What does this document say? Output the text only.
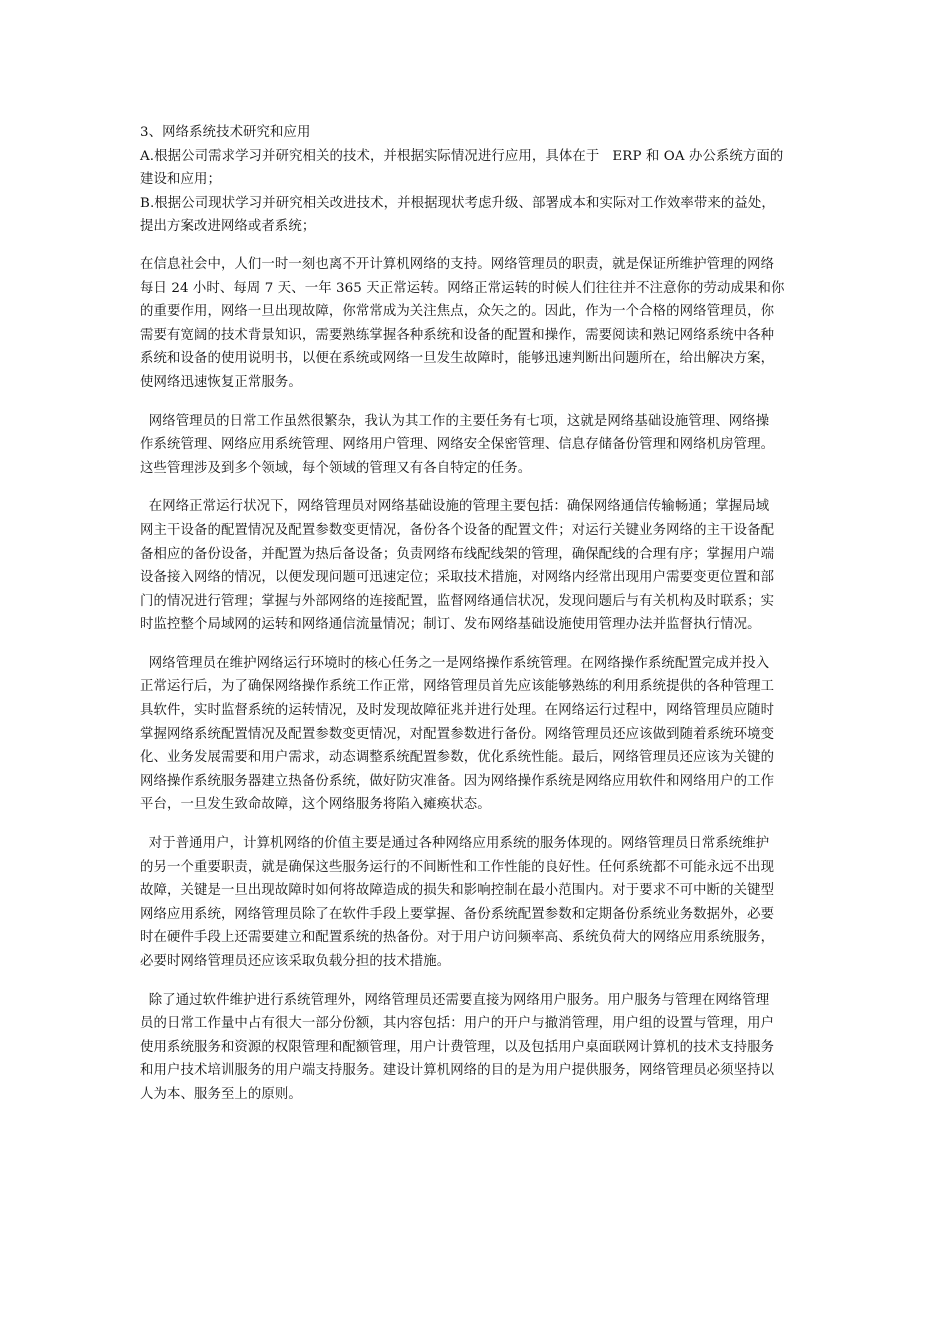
3、网络系统技术研究和应用

A.根据公司需求学习并研究相关的技术，并根据实际情况进行应用，具体在于   ERP 和 OA 办公系统方面的

建设和应用；

B.根据公司现状学习并研究相关改进技术，并根据现状考虑升级、部署成本和实际对工作效率带来的益处，

提出方案改进网络或者系统；

在信息社会中，人们一时一刻也离不开计算机网络的支持。网络管理员的职责，就是保证所维护管理的网络

每日 24 小时、每周 7 天、一年 365 天正常运转。网络正常运转的时候人们往往并不注意你的劳动成果和你

的重要作用，网络一旦出现故障，你常常成为关注焦点，众矢之的。因此，作为一个合格的网络管理员，你

需要有宽阔的技术背景知识，需要熟练掌握各种系统和设备的配置和操作，需要阅读和熟记网络系统中各种

系统和设备的使用说明书，以便在系统或网络一旦发生故障时，能够迅速判断出问题所在，给出解决方案，

使网络迅速恢复正常服务。

网络管理员的日常工作虽然很繁杂，我认为其工作的主要任务有七项，这就是网络基础设施管理、网络操

作系统管理、网络应用系统管理、网络用户管理、网络安全保密管理、信息存储备份管理和网络机房管理。

这些管理涉及到多个领域，每个领域的管理又有各自特定的任务。

在网络正常运行状况下，网络管理员对网络基础设施的管理主要包括：确保网络通信传输畅通；掌握局域

网主干设备的配置情况及配置参数变更情况，备份各个设备的配置文件；对运行关键业务网络的主干设备配

备相应的备份设备，并配置为热后备设备；负责网络布线配线架的管理，确保配线的合理有序；掌握用户端

设备接入网络的情况，以便发现问题可迅速定位；采取技术措施，对网络内经常出现用户需要变更位置和部

门的情况进行管理；掌握与外部网络的连接配置，监督网络通信状况，发现问题后与有关机构及时联系；实

时监控整个局域网的运转和网络通信流量情况；制订、发布网络基础设施使用管理办法并监督执行情况。

网络管理员在维护网络运行环境时的核心任务之一是网络操作系统管理。在网络操作系统配置完成并投入

正常运行后，为了确保网络操作系统工作正常，网络管理员首先应该能够熟练的利用系统提供的各种管理工

具软件，实时监督系统的运转情况，及时发现故障征兆并进行处理。在网络运行过程中，网络管理员应随时

掌握网络系统配置情况及配置参数变更情况，对配置参数进行备份。网络管理员还应该做到随着系统环境变

化、业务发展需要和用户需求，动态调整系统配置参数，优化系统性能。最后，网络管理员还应该为关键的

网络操作系统服务器建立热备份系统，做好防灾准备。因为网络操作系统是网络应用软件和网络用户的工作

平台，一旦发生致命故障，这个网络服务将陷入瘫痪状态。

对于普通用户，计算机网络的价值主要是通过各种网络应用系统的服务体现的。网络管理员日常系统维护

的另一个重要职责，就是确保这些服务运行的不间断性和工作性能的良好性。任何系统都不可能永远不出现

故障，关键是一旦出现故障时如何将故障造成的损失和影响控制在最小范围内。对于要求不可中断的关键型

网络应用系统，网络管理员除了在软件手段上要掌握、备份系统配置参数和定期备份系统业务数据外，必要

时在硬件手段上还需要建立和配置系统的热备份。对于用户访问频率高、系统负荷大的网络应用系统服务，

必要时网络管理员还应该采取负载分担的技术措施。

除了通过软件维护进行系统管理外，网络管理员还需要直接为网络用户服务。用户服务与管理在网络管理

员的日常工作量中占有很大一部分份额，其内容包括：用户的开户与撤消管理，用户组的设置与管理，用户

使用系统服务和资源的权限管理和配额管理，用户计费管理，以及包括用户桌面联网计算机的技术支持服务

和用户技术培训服务的用户端支持服务。建设计算机网络的目的是为用户提供服务，网络管理员必须坚持以

人为本、服务至上的原则。
